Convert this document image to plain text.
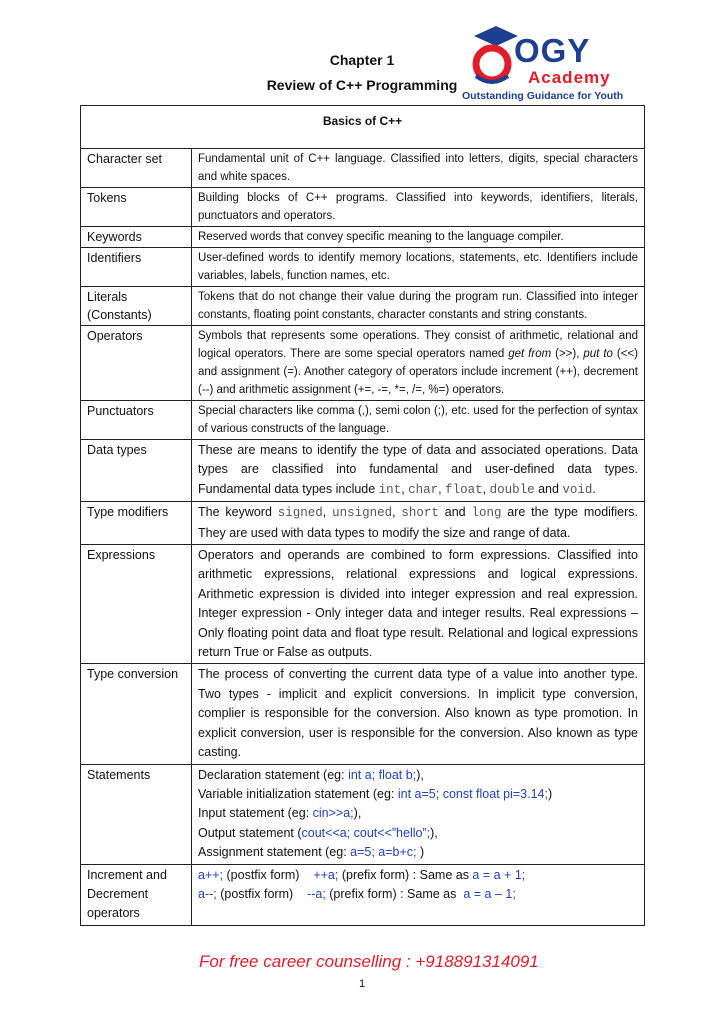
Chapter 1
Review of C++ Programming
OGY
Academy
Outstanding Guidance for Youth
Basics of C++	
Character set	Fundamental unit of C++ language. Classified into letters, digits, special characters and white spaces.
Tokens	Building blocks of C++ programs. Classified into keywords, identifiers, literals, punctuators and operators.
Keywords	Reserved words that convey specific meaning to the language compiler.
Identifiers	User-defined words to identify memory locations, statements, etc. Identifiers include variables, labels, function names, etc.
Literals
(Constants)	Tokens that do not change their value during the program run. Classified into integer constants, floating point constants, character constants and string constants.
Operators	Symbols that represents some operations. They consist of arithmetic, relational and logical operators. There are some special operators named get from (>>), put to (<<) and assignment (=). Another category of operators include increment (++), decrement (--) and arithmetic assignment (+=, -=, *=, /=, %=) operators.
Punctuators	Special characters like comma (,), semi colon (;), etc. used for the perfection of syntax of various constructs of the language.
Data types	These are means to identify the type of data and associated operations. Data types are classified into fundamental and user-defined data types. Fundamental data types include int, char, float, double and void.
Type modifiers	The keyword signed, unsigned, short and long are the type modifiers. They are used with data types to modify the size and range of data.
Expressions	Operators and operands are combined to form expressions. Classified into arithmetic expressions, relational expressions and logical expressions. Arithmetic expression is divided into integer expression and real expression. Integer expression - Only integer data and integer results. Real expressions – Only floating point data and float type result. Relational and logical expressions return True or False as outputs.
Type conversion	The process of converting the current data type of a value into another type. Two types - implicit and explicit conversions. In implicit type conversion, complier is responsible for the conversion. Also known as type promotion. In explicit conversion, user is responsible for the conversion. Also known as type casting.
Statements	Declaration statement (eg: int a; float b;),
Variable initialization statement (eg: int a=5; const float pi=3.14;)
Input statement (eg: cin>>a;),
Output statement (cout<<a; cout<<”hello”;),
Assignment statement (eg: a=5; a=b+c; )
Increment and
Decrement
operators	a++; (postfix form)    ++a; (prefix form) : Same as a = a + 1;
a--; (postfix form)    --a; (prefix form) : Same as  a = a – 1;
For free career counselling : +918891314091
1
